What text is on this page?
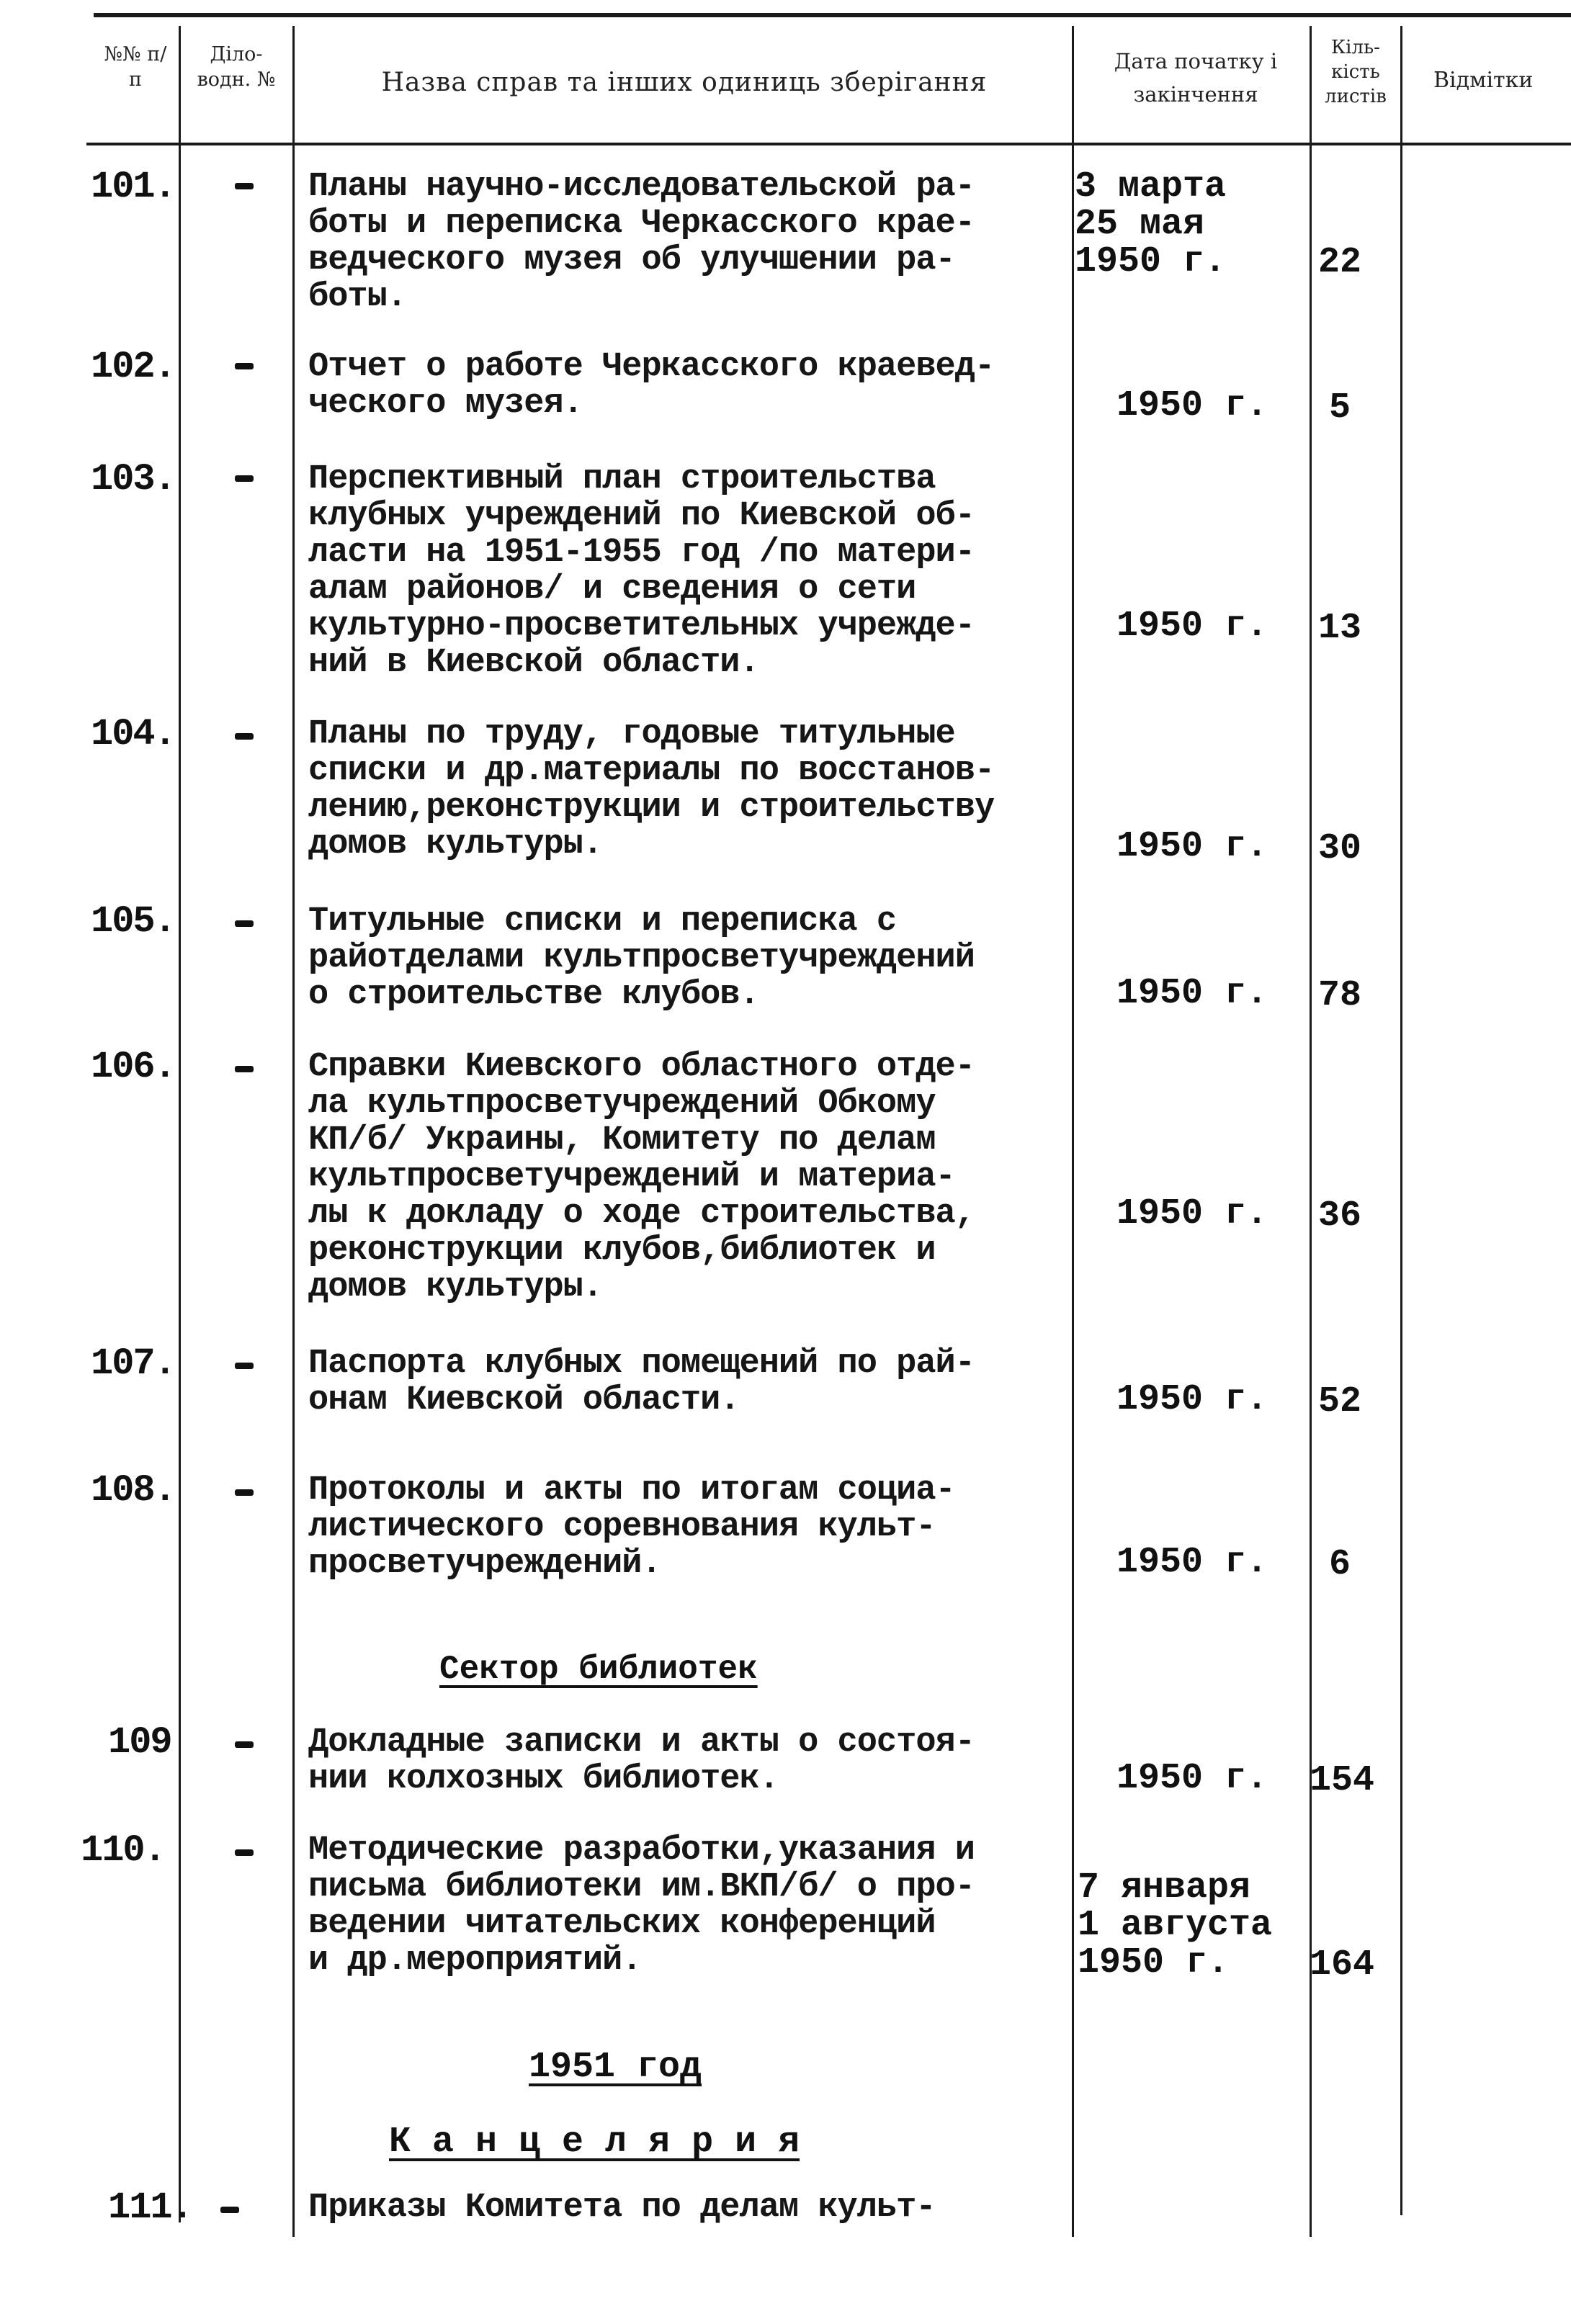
№№ п/п
Діло-водн. №	Назва справ та інших одиниць зберігання
Дата початку і закінчення
Кіль-кість листів
Відмітки
101.	Планы научно-исследовательской ра-
боты и переписка Черкасского крае-
ведческого музея об улучшении ра-
боты.
3 марта
25 мая
1950 г.	22
102.	Отчет о работе Черкасского краевед-
ческого музея.	1950 г.	5
103.	Перспективный план строительства
клубных учреждений по Киевской об-
ласти на 1951-1955 год /по матери-
алам районов/ и сведения о сети
культурно-просветительных учрежде-
ний в Киевской области.
1950 г. 13
104.	Планы по труду, годовые титульные
списки и др.материалы по восстанов-
лению,реконструкции и строительству
домов культуры.	1950 г. 30
105.	Титульные списки и переписка с
райотделами культпросветучреждений
о строительстве клубов.	1950 г. 78
106.	Справки Киевского областного отде-
ла культпросветучреждений Обкому
КП/б/ Украины, Комитету по делам
культпросветучреждений и материа-
лы к докладу о ходе строительства,
реконструкции клубов,библиотек и
домов культуры.
1950 г. 36
107.	Паспорта клубных помещений по рай-
онам Киевской области.	1950 г. 52
108.	Протоколы и акты по итогам социа-
листического соревнования культ-
просветучреждений.	1950 г.	6
Сектор библиотек
109	Докладные записки и акты о состоя-
нии колхозных библиотек.	1950 г. 154
110.	Методические разработки,указания и
письма библиотеки им.ВКП/б/ о про-
ведении читательских конференций
и др.мероприятий.
7 января
1 августа
1950 г.	164
1951 год
К а н ц е л я р и я
111.	Приказы Комитета по делам культ-
